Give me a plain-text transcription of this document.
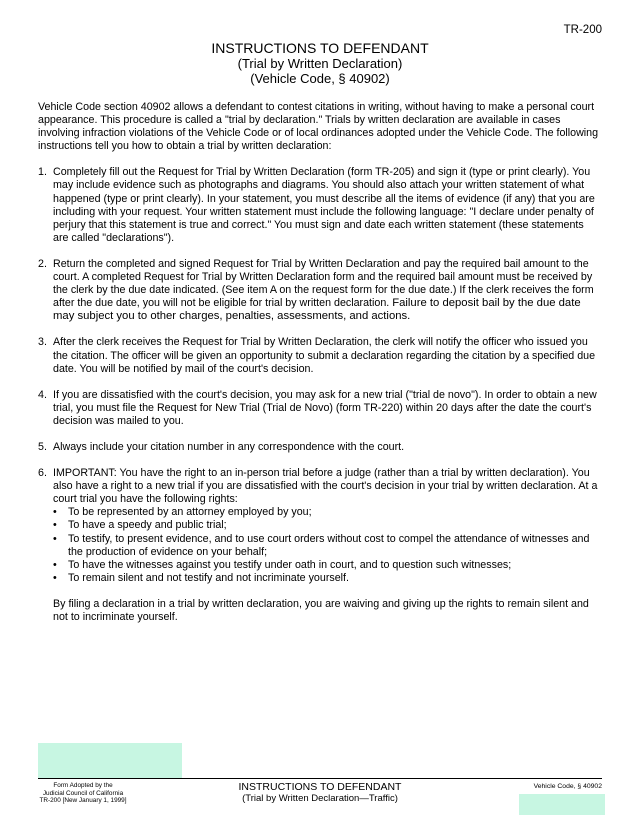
TR-200
INSTRUCTIONS TO DEFENDANT
(Trial by Written Declaration)
(Vehicle Code, § 40902)

Vehicle Code section 40902 allows a defendant to contest citations in writing, without having to make a personal court appearance. This procedure is called a "trial by declaration." Trials by written declaration are available in cases involving infraction violations of the Vehicle Code or of local ordinances adopted under the Vehicle Code. The following instructions tell you how to obtain a trial by written declaration:

1. Completely fill out the Request for Trial by Written Declaration (form TR-205) and sign it (type or print clearly). You may include evidence such as photographs and diagrams. You should also attach your written statement of what happened (type or print clearly). In your statement, you must describe all the items of evidence (if any) that you are including with your request. Your written statement must include the following language: "I declare under penalty of perjury that this statement is true and correct." You must sign and date each written statement (these statements are called "declarations").
2. Return the completed and signed Request for Trial by Written Declaration and pay the required bail amount to the court. A completed Request for Trial by Written Declaration form and the required bail amount must be received by the clerk by the due date indicated. (See item A on the request form for the due date.) If the clerk receives the form after the due date, you will not be eligible for trial by written declaration. Failure to deposit bail by the due date may subject you to other charges, penalties, assessments, and actions.
3. After the clerk receives the Request for Trial by Written Declaration, the clerk will notify the officer who issued you the citation. The officer will be given an opportunity to submit a declaration regarding the citation by a specified due date. You will be notified by mail of the court's decision.
4. If you are dissatisfied with the court's decision, you may ask for a new trial ("trial de novo"). In order to obtain a new trial, you must file the Request for New Trial (Trial de Novo) (form TR-220) within 20 days after the date the court's decision was mailed to you.
5. Always include your citation number in any correspondence with the court.
6. IMPORTANT: You have the right to an in-person trial before a judge (rather than a trial by written declaration). You also have a right to a new trial if you are dissatisfied with the court's decision in your trial by written declaration. At a court trial you have the following rights:
•	To be represented by an attorney employed by you;
•	To have a speedy and public trial;
•	To testify, to present evidence, and to use court orders without cost to compel the attendance of witnesses and the production of evidence on your behalf;
•	To have the witnesses against you testify under oath in court, and to question such witnesses;
•	To remain silent and not testify and not incriminate yourself.
By filing a declaration in a trial by written declaration, you are waiving and giving up the rights to remain silent and not to incriminate yourself.
Form Adopted by the
Judicial Council of California
TR-200 [New January 1, 1999]
INSTRUCTIONS TO DEFENDANT
(Trial by Written Declaration—Traffic)
Vehicle Code, § 40902
